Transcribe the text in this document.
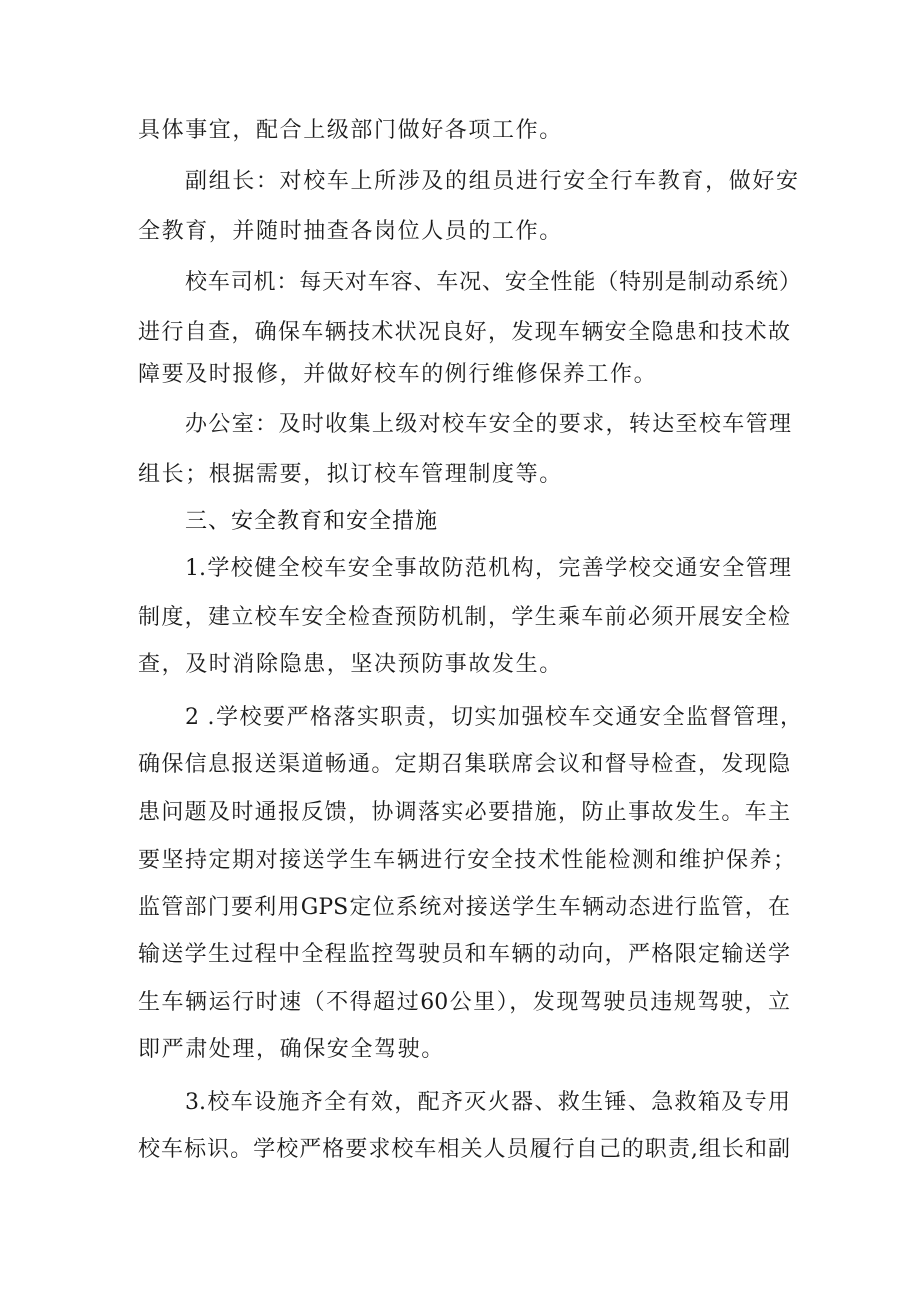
具体事宜，配合上级部门做好各项工作。
副组长：对校车上所涉及的组员进行安全行车教育，做好安
全教育，并随时抽查各岗位人员的工作。
校车司机：每天对车容、车况、安全性能（特别是制动系统）
进行自查，确保车辆技术状况良好，发现车辆安全隐患和技术故
障要及时报修，并做好校车的例行维修保养工作。
办公室：及时收集上级对校车安全的要求，转达至校车管理
组长；根据需要，拟订校车管理制度等。
三、安全教育和安全措施
1.学校健全校车安全事故防范机构，完善学校交通安全管理
制度，建立校车安全检查预防机制，学生乘车前必须开展安全检
查，及时消除隐患，坚决预防事故发生。
2 .学校要严格落实职责，切实加强校车交通安全监督管理，
确保信息报送渠道畅通。定期召集联席会议和督导检查，发现隐
患问题及时通报反馈，协调落实必要措施，防止事故发生。车主
要坚持定期对接送学生车辆进行安全技术性能检测和维护保养；
监管部门要利用GPS定位系统对接送学生车辆动态进行监管，在
输送学生过程中全程监控驾驶员和车辆的动向，严格限定输送学
生车辆运行时速（不得超过60公里），发现驾驶员违规驾驶，立
即严肃处理，确保安全驾驶。
3.校车设施齐全有效，配齐灭火器、救生锤、急救箱及专用
校车标识。学校严格要求校车相关人员履行自己的职责,组长和副
